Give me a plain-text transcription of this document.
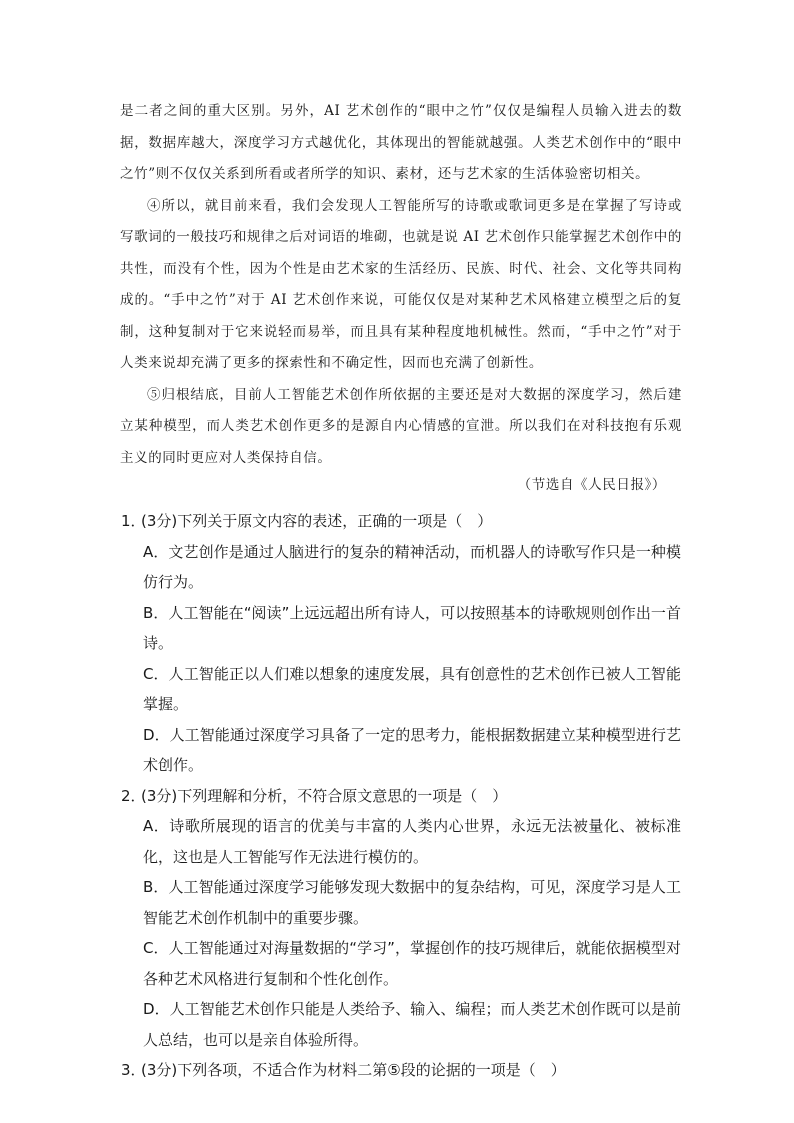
是二者之间的重大区别。另外，AI 艺术创作的“眼中之竹”仅仅是编程人员输入进去的数据，数据库越大，深度学习方式越优化，其体现出的智能就越强。人类艺术创作中的“眼中之竹”则不仅仅关系到所看或者所学的知识、素材，还与艺术家的生活体验密切相关。

④所以，就目前来看，我们会发现人工智能所写的诗歌或歌词更多是在掌握了写诗或写歌词的一般技巧和规律之后对词语的堆砌，也就是说 AI 艺术创作只能掌握艺术创作中的共性，而没有个性，因为个性是由艺术家的生活经历、民族、时代、社会、文化等共同构成的。“手中之竹”对于 AI 艺术创作来说，可能仅仅是对某种艺术风格建立模型之后的复制，这种复制对于它来说轻而易举，而且具有某种程度地机械性。然而，“手中之竹”对于人类来说却充满了更多的探索性和不确定性，因而也充满了创新性。

⑤归根结底，目前人工智能艺术创作所依据的主要还是对大数据的深度学习，然后建立某种模型，而人类艺术创作更多的是源自内心情感的宣泄。所以我们在对科技抱有乐观主义的同时更应对人类保持自信。

（节选自《人民日报》）

1．(3分)下列关于原文内容的表述，正确的一项是（　）

A．文艺创作是通过人脑进行的复杂的精神活动，而机器人的诗歌写作只是一种模仿行为。

B．人工智能在“阅读”上远远超出所有诗人，可以按照基本的诗歌规则创作出一首诗。

C．人工智能正以人们难以想象的速度发展，具有创意性的艺术创作已被人工智能掌握。

D．人工智能通过深度学习具备了一定的思考力，能根据数据建立某种模型进行艺术创作。

2．(3分)下列理解和分析，不符合原文意思的一项是（　）

A．诗歌所展现的语言的优美与丰富的人类内心世界，永远无法被量化、被标准化，这也是人工智能写作无法进行模仿的。

B．人工智能通过深度学习能够发现大数据中的复杂结构，可见，深度学习是人工智能艺术创作机制中的重要步骤。

C．人工智能通过对海量数据的“学习”，掌握创作的技巧规律后，就能依据模型对各种艺术风格进行复制和个性化创作。

D．人工智能艺术创作只能是人类给予、输入、编程；而人类艺术创作既可以是前人总结，也可以是亲自体验所得。

3．(3分)下列各项，不适合作为材料二第⑤段的论据的一项是（　）
